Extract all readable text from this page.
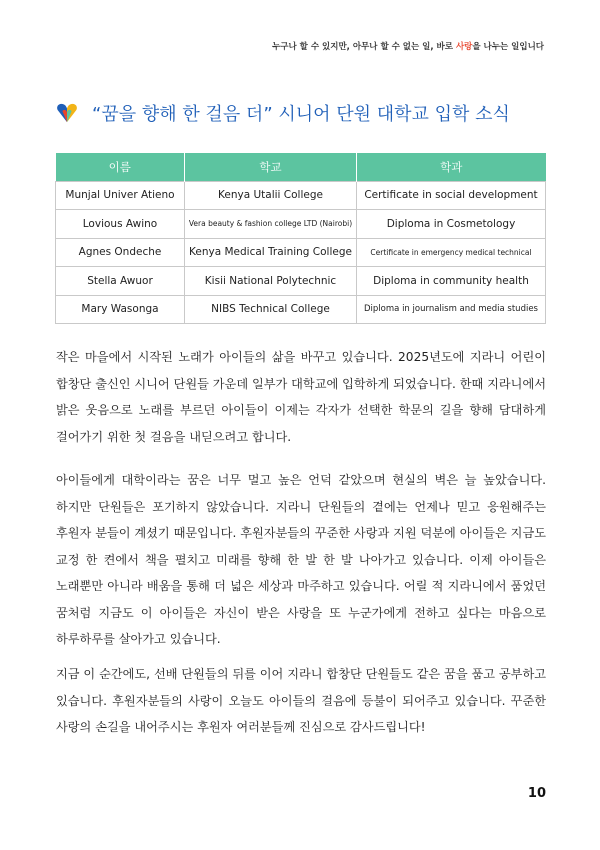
누구나 할 수 있지만, 아무나 할 수 없는 일, 바로 사랑을 나누는 일입니다
“꿈을 향해 한 걸음 더” 시니어 단원 대학교 입학 소식
이름	학교	학과
Munjal Univer Atieno	Kenya Utalii College	Certificate in social development
Lovious Awino	Vera beauty & fashion college LTD (Nairobi)	Diploma in Cosmetology
Agnes Ondeche	Kenya Medical Training College	Certificate in emergency medical technical
Stella Awuor	Kisii National Polytechnic	Diploma in community health
Mary Wasonga	NIBS Technical College	Diploma in journalism and media studies

작은 마을에서 시작된 노래가 아이들의 삶을 바꾸고 있습니다. 2025년도에 지라니 어린이 합창단 출신인 시니어 단원들 가운데 일부가 대학교에 입학하게 되었습니다. 한때 지라니에서 밝은 웃음으로 노래를 부르던 아이들이 이제는 각자가 선택한 학문의 길을 향해 담대하게 걸어가기 위한 첫 걸음을 내딛으려고 합니다.

아이들에게 대학이라는 꿈은 너무 멀고 높은 언덕 같았으며 현실의 벽은 늘 높았습니다. 하지만 단원들은 포기하지 않았습니다. 지라니 단원들의 곁에는 언제나 믿고 응원해주는 후원자 분들이 계셨기 때문입니다. 후원자분들의 꾸준한 사랑과 지원 덕분에 아이들은 지금도 교정 한 켠에서 책을 펼치고 미래를 향해 한 발 한 발 나아가고 있습니다. 이제 아이들은 노래뿐만 아니라 배움을 통해 더 넓은 세상과 마주하고 있습니다. 어릴 적 지라니에서 품었던 꿈처럼 지금도 이 아이들은 자신이 받은 사랑을 또 누군가에게 전하고 싶다는 마음으로 하루하루를 살아가고 있습니다.

지금 이 순간에도, 선배 단원들의 뒤를 이어 지라니 합창단 단원들도 같은 꿈을 품고 공부하고 있습니다. 후원자분들의 사랑이 오늘도 아이들의 걸음에 등불이 되어주고 있습니다. 꾸준한 사랑의 손길을 내어주시는 후원자 여러분들께 진심으로 감사드립니다!

10
